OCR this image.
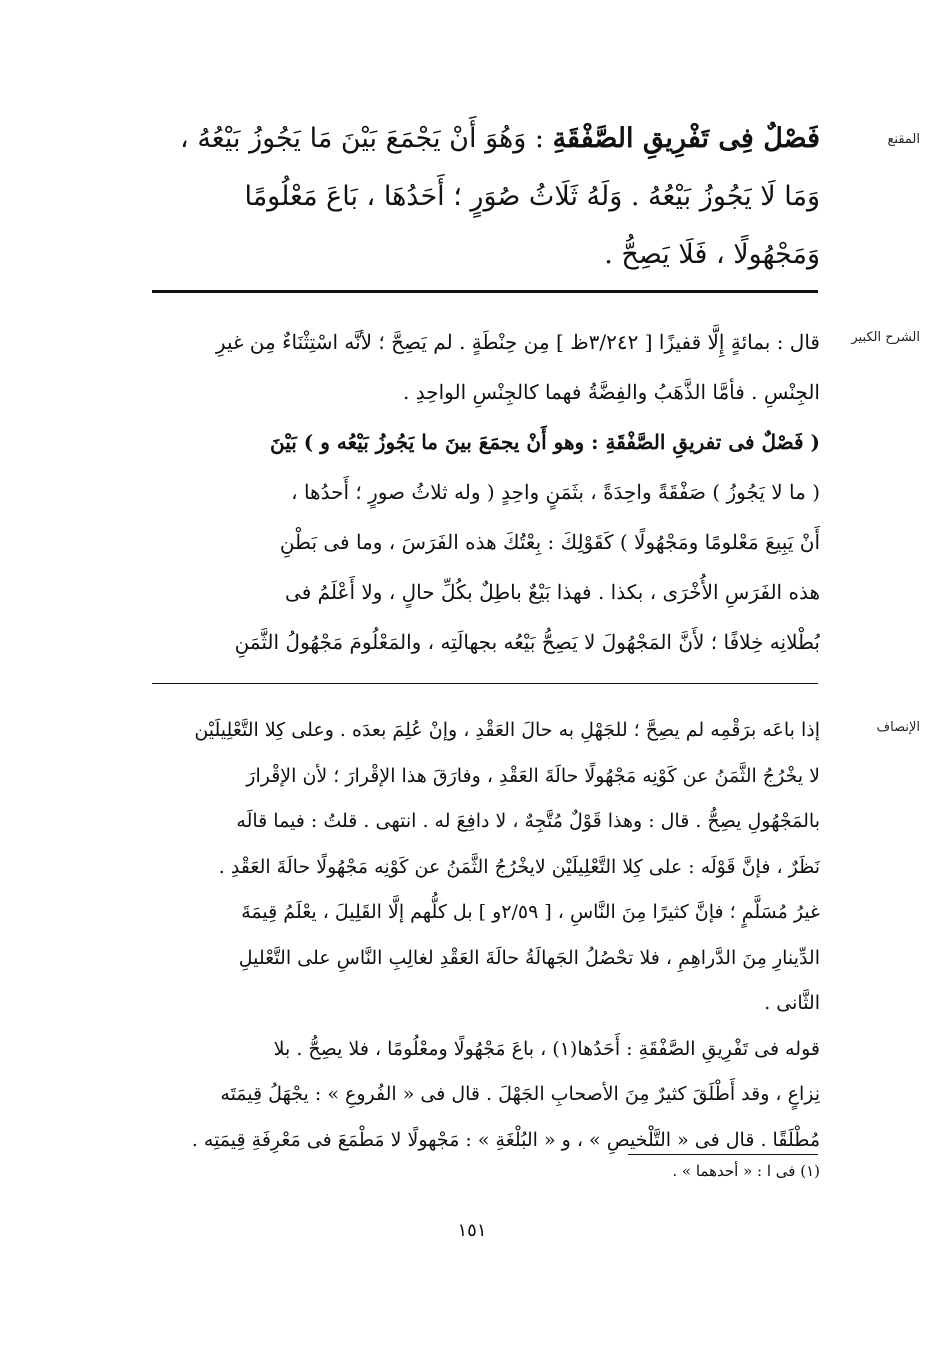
المقنع
فَصْلٌ فِى تَفْرِيقِ الصَّفْقَةِ : وَهُوَ أَنْ يَجْمَعَ بَيْنَ مَا يَجُوزُ بَيْعُهُ ،
وَمَا لَا يَجُوزُ بَيْعُهُ . وَلَهُ ثَلَاثُ صُوَرٍ ؛ أَحَدُهَا ، بَاعَ مَعْلُومًا
وَمَجْهُولًا ، فَلَا يَصِحُّ .
الشرح الكبير
قال : بمائةٍ إِلَّا قفيزًا [ ٣/٢٤٢ظ ] مِن حِنْطَةٍ . لم يَصِحَّ ؛ لأنَّه اسْتِثْنَاءٌ مِن غيرِ
الجِنْسِ . فأمَّا الذَّهَبُ والفِضَّةُ فهما كالجِنْسِ الواحِدِ .
( فَصْلٌ فى تفريقِ الصَّفْقَةِ : وهو أَنْ يجمَعَ بينَ ما يَجُوزُ بَيْعُه و ) بَيْنَ
( ما لا يَجُوزُ ) صَفْقَةً واحِدَةً ، بثَمَنٍ واحِدٍ ( وله ثلاثُ صورٍ ؛ أَحدُها ،
أَنْ يَبِيعَ مَعْلومًا ومَجْهُولًا ) كَقَوْلِكَ : بِعْتُكَ هذه الفَرَسَ ، وما فى بَطْنِ
هذه الفَرَسِ الأُخْرَى ، بكذا . فهذا بَيْعٌ باطِلٌ بكُلِّ حالٍ ، ولا أَعْلَمُ فى
بُطْلانِه خِلافًا ؛ لأَنَّ المَجْهُولَ لا يَصِحُّ بَيْعُه بجهالَتِه ، والمَعْلُومَ مَجْهُولُ الثَّمَنِ
الإنصاف
إذا باعَه برَقْمِه لم يصِحَّ ؛ للجَهْلِ به حالَ العَقْدِ ، وإنْ عُلِمَ بعدَه . وعلى كِلا التَّعْلِيلَيْن
لا يخْرُجُ الثَّمَنُ عن كَوْنِه مَجْهُولًا حالَةَ العَقْدِ ، وفارَقَ هذا الإقْرارَ ؛ لأن الإقْرارَ
بالمَجْهُولِ يصِحُّ . قال : وهذا قَوْلٌ مُتَّجِهٌ ، لا دافِعَ له . انتهى . قلتُ : فيما قالَه
نَظَرٌ ، فإنَّ قَوْلَه : على كِلا التَّعْلِيلَيْن لايخْرُجُ الثَّمَنُ عن كَوْنِه مَجْهُولًا حالَةَ العَقْدِ .
غيرُ مُسَلَّمٍ ؛ فإنَّ كثيرًا مِنَ النَّاسِ ، [ ٢/٥٩و ] بل كلُّهم إلَّا القَلِيلَ ، يعْلَمُ قِيمَةَ
الدِّينارِ مِنَ الدَّراهِمِ ، فلا تحْصُلُ الجَهالَةُ حالَةَ العَقْدِ لغالِبِ النَّاسِ على التَّعْليلِ
الثَّانى .
قوله فى تَفْرِيقِ الصَّفْقَةِ : أَحَدُها(١) ، باعَ مَجْهُولًا ومعْلُومًا ، فلا يصِحُّ . بلا
نِزاعٍ ، وقد أَطْلَقَ كثيرٌ مِنَ الأصحابِ الجَهْلَ . قال فى « الفُروعِ » : يجْهَلُ قِيمَتَه
مُطْلَقًا . قال فى « التَّلْخيصِ » ، و « البُلْغَةِ » : مَجْهولًا لا مَطْمَعَ فى مَعْرِفَةِ قِيمَتِه .
(١) فى ا : « أحدهما » .
١٥١
